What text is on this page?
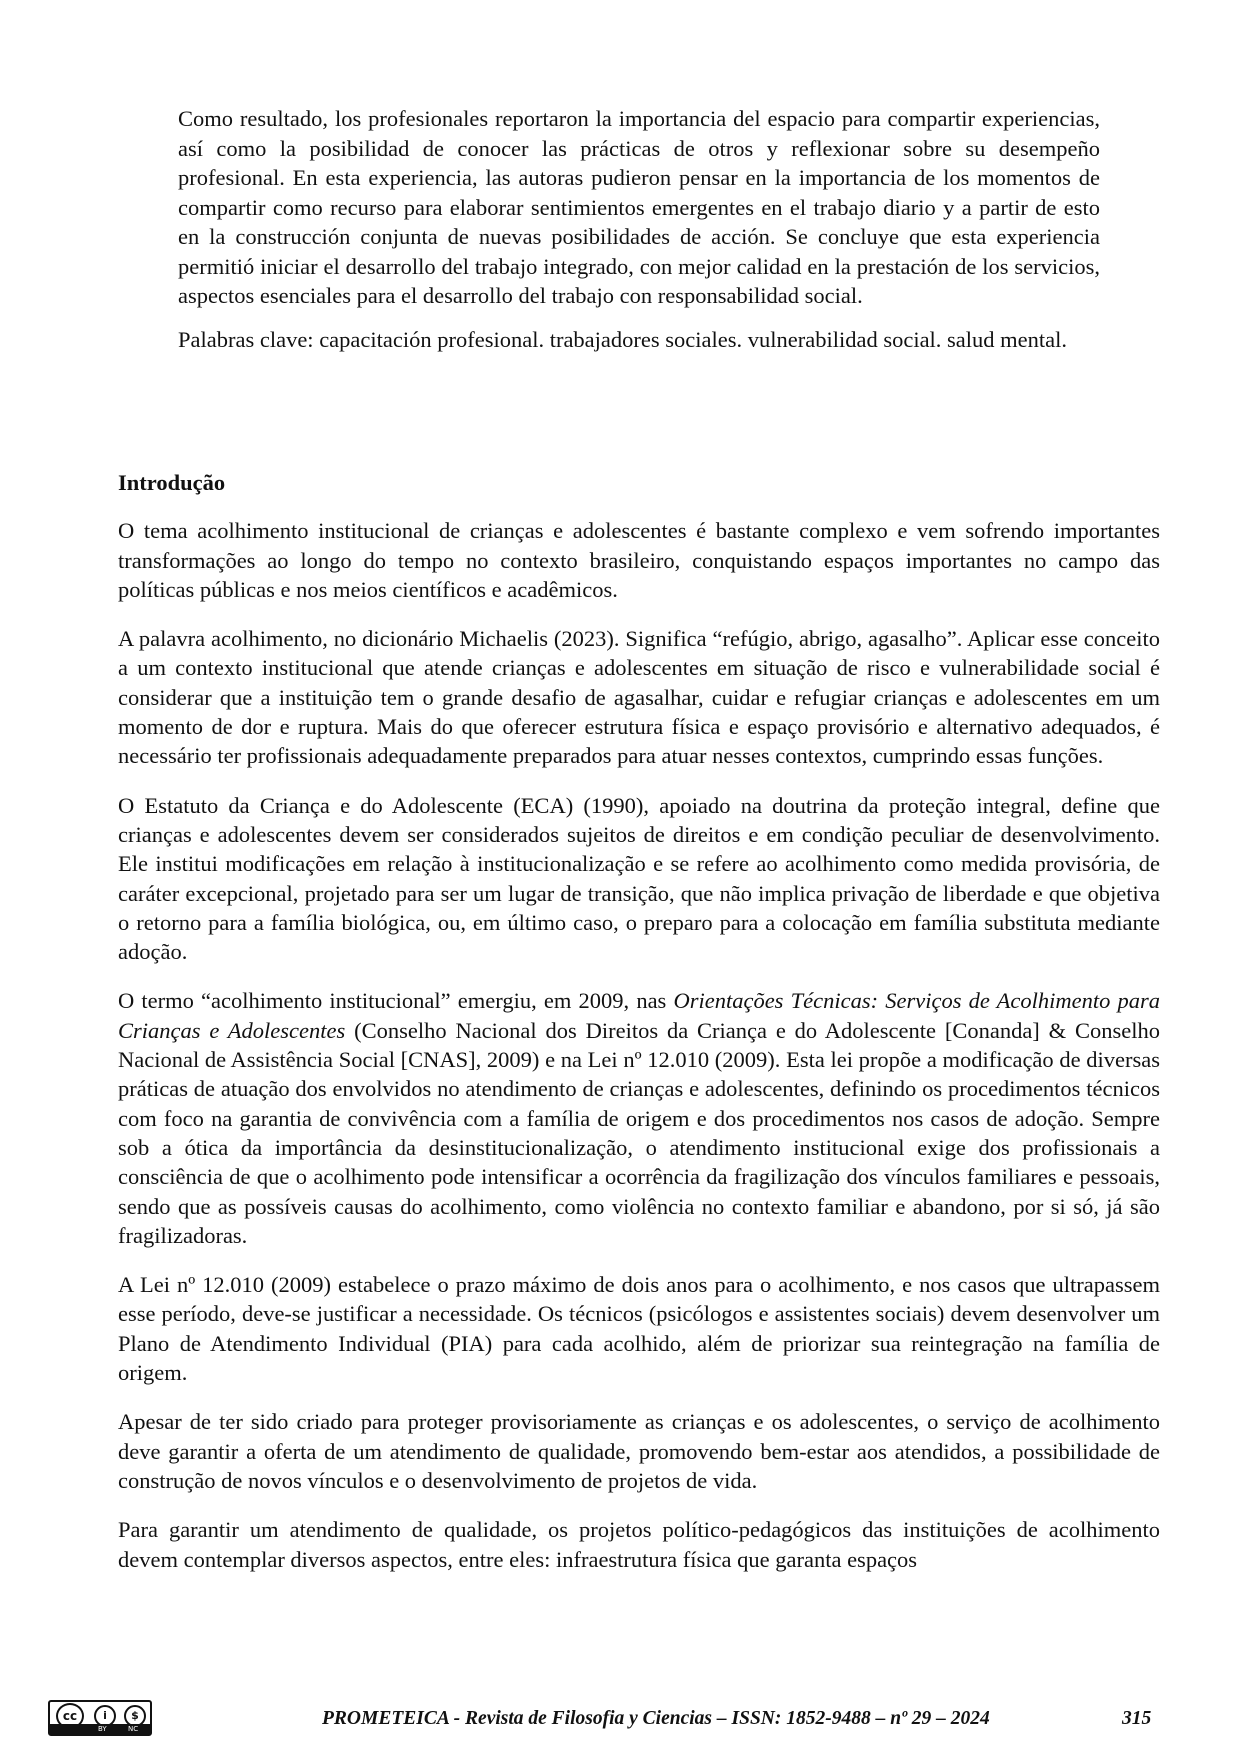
Como resultado, los profesionales reportaron la importancia del espacio para compartir experiencias, así como la posibilidad de conocer las prácticas de otros y reflexionar sobre su desempeño profesional. En esta experiencia, las autoras pudieron pensar en la importancia de los momentos de compartir como recurso para elaborar sentimientos emergentes en el trabajo diario y a partir de esto en la construcción conjunta de nuevas posibilidades de acción. Se concluye que esta experiencia permitió iniciar el desarrollo del trabajo integrado, con mejor calidad en la prestación de los servicios, aspectos esenciales para el desarrollo del trabajo con responsabilidad social.

Palabras clave: capacitación profesional. trabajadores sociales. vulnerabilidad social. salud mental.

Introdução

O tema acolhimento institucional de crianças e adolescentes é bastante complexo e vem sofrendo importantes transformações ao longo do tempo no contexto brasileiro, conquistando espaços importantes no campo das políticas públicas e nos meios científicos e acadêmicos.

A palavra acolhimento, no dicionário Michaelis (2023). Significa “refúgio, abrigo, agasalho”. Aplicar esse conceito a um contexto institucional que atende crianças e adolescentes em situação de risco e vulnerabilidade social é considerar que a instituição tem o grande desafio de agasalhar, cuidar e refugiar crianças e adolescentes em um momento de dor e ruptura. Mais do que oferecer estrutura física e espaço provisório e alternativo adequados, é necessário ter profissionais adequadamente preparados para atuar nesses contextos, cumprindo essas funções.

O Estatuto da Criança e do Adolescente (ECA) (1990), apoiado na doutrina da proteção integral, define que crianças e adolescentes devem ser considerados sujeitos de direitos e em condição peculiar de desenvolvimento. Ele institui modificações em relação à institucionalização e se refere ao acolhimento como medida provisória, de caráter excepcional, projetado para ser um lugar de transição, que não implica privação de liberdade e que objetiva o retorno para a família biológica, ou, em último caso, o preparo para a colocação em família substituta mediante adoção.

O termo “acolhimento institucional” emergiu, em 2009, nas Orientações Técnicas: Serviços de Acolhimento para Crianças e Adolescentes (Conselho Nacional dos Direitos da Criança e do Adolescente [Conanda] & Conselho Nacional de Assistência Social [CNAS], 2009) e na Lei nº 12.010 (2009). Esta lei propõe a modificação de diversas práticas de atuação dos envolvidos no atendimento de crianças e adolescentes, definindo os procedimentos técnicos com foco na garantia de convivência com a família de origem e dos procedimentos nos casos de adoção. Sempre sob a ótica da importância da desinstitucionalização, o atendimento institucional exige dos profissionais a consciência de que o acolhimento pode intensificar a ocorrência da fragilização dos vínculos familiares e pessoais, sendo que as possíveis causas do acolhimento, como violência no contexto familiar e abandono, por si só, já são fragilizadoras.

A Lei nº 12.010 (2009) estabelece o prazo máximo de dois anos para o acolhimento, e nos casos que ultrapassem esse período, deve-se justificar a necessidade. Os técnicos (psicólogos e assistentes sociais) devem desenvolver um Plano de Atendimento Individual (PIA) para cada acolhido, além de priorizar sua reintegração na família de origem.

Apesar de ter sido criado para proteger provisoriamente as crianças e os adolescentes, o serviço de acolhimento deve garantir a oferta de um atendimento de qualidade, promovendo bem-estar aos atendidos, a possibilidade de construção de novos vínculos e o desenvolvimento de projetos de vida.

Para garantir um atendimento de qualidade, os projetos político-pedagógicos das instituições de acolhimento devem contemplar diversos aspectos, entre eles: infraestrutura física que garanta espaços

cc	i	$
BY	NC	PROMETEICA - Revista de Filosofia y Ciencias – ISSN: 1852-9488 – nº 29 – 2024	315
